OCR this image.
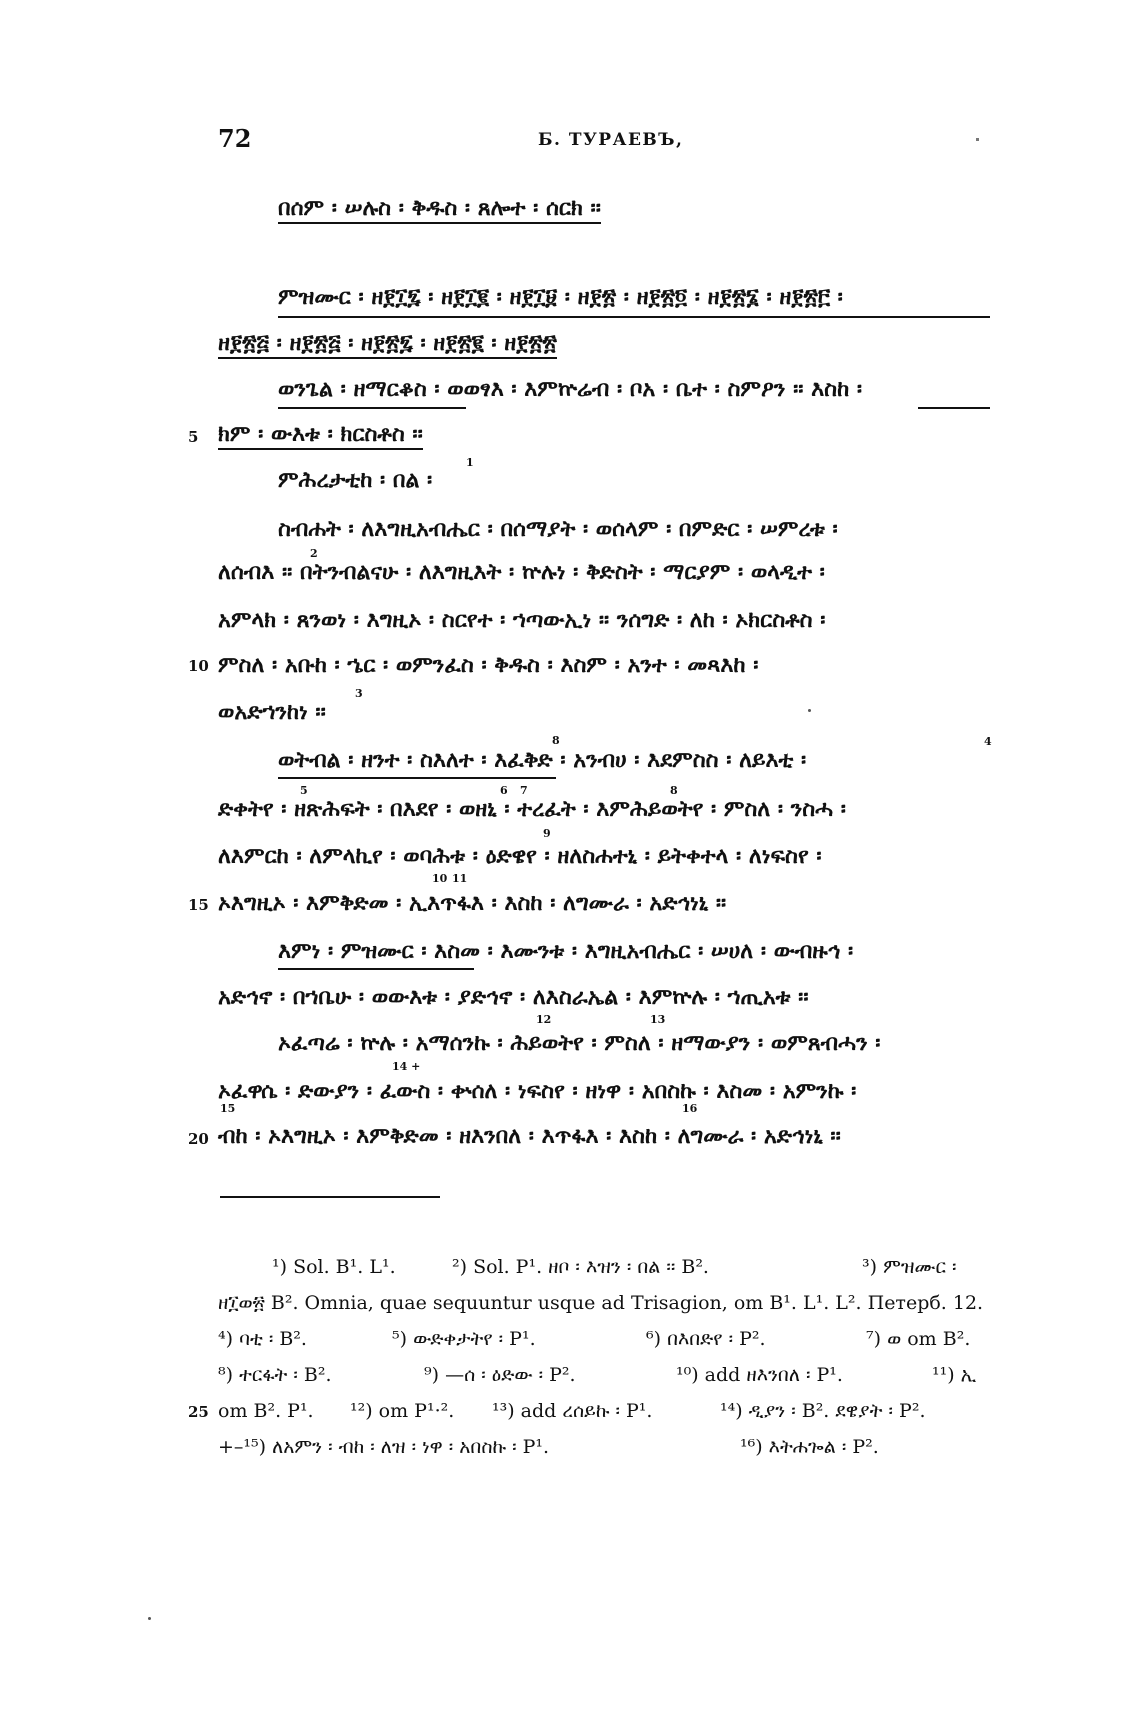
72	Б. ТУРАЕВЪ,
በሰም ፡ ሠሉስ ፡ ቅዱስ ፡ ጸሎተ ፡ ሰርክ ፡፡
ምዝሙር ፡ ዘ፻፲፯ ፡ ዘ፻፲፪ ፡ ዘ፻፲፱ ፡ ዘ፻፳ ፡ ዘ፻፳፬ ፡ ዘ፻፳፮ ፡ ዘ፻፳፫ ፡
ዘ፻፳፭ ፡ ዘ፻፳፭ ፡ ዘ፻፳፯ ፡ ዘ፻፳፪ ፡ ዘ፻፳፳
ወንጌል ፡ ዘማርቆስ ፡ ወወፃእ ፡ እምኵሬብ ፡ ቦአ ፡ ቤተ ፡ ስምዖን ፡፡ እስከ ፡
5 ክም ፡ ውእቱ ፡ ክርስቶስ ፡፡
ምሕረታቲከ ፡ በል ፡
1
ስብሐት ፡ ለእግዚአብሔር ፡ በሰማያት ፡ ወሰላም ፡ በምድር ፡ ሠምረቱ ፡
ለሰብእ ፡፡ በትንብልናሁ ፡ ለእግዚእት ፡ ኵሉነ ፡ ቅድስት ፡ ማርያም ፡ ወላዲተ ፡
2
አምላክ ፡ ጸንወነ ፡ እግዚኦ ፡ ስርየተ ፡ ኀጣውኢነ ፡፡ ንሰግድ ፡ ለከ ፡ ኦክርስቶስ ፡
10 ምስለ ፡ አቡከ ፡ ኄር ፡ ወምንፈስ ፡ ቅዱስ ፡ እስም ፡ አንተ ፡ መጻእከ ፡
ወአድኀንከነ ፡፡
3
ወትብል ፡ ዘንተ ፡ ስእለተ ፡ እፈቅድ ፡ አንብሀ ፡ እደምስስ ፡ ለይእቲ ፡
8	4
5	6 7
ድቀትየ ፡ ዘጽሕፍት ፡ በእደየ ፡ ወዘኒ ፡ ተረፈት ፡ እምሕይወትየ ፡ ምስለ ፡ ንስሓ ፡
8
ለእምርከ ፡ ለምላኪየ ፡ ወባሕቱ ፡ ዕድዌየ ፡ ዘለስሐተኒ ፡ ይትቀተላ ፡ ለነፍስየ ፡
9
10 11
15 ኦእግዚኦ ፡ እምቅድመ ፡ ኢእጥፋእ ፡ እስከ ፡ ለግሙራ ፡ አድኅነኒ ፡፡
እምነ ፡ ምዝሙር ፡ እስመ ፡ እሙንቱ ፡ እግዚአብሔር ፡ ሠሀለ ፡ ውብዙኅ ፡
አድኅኖ ፡ በኀቤሁ ፡ ወውእቱ ፡ ያድኅኖ ፡ ለእስራኤል ፡ እምኵሉ ፡ ኀጢአቱ ፡፡
12	13
ኦፈጣሬ ፡ ኵሉ ፡ አማሰንኩ ፡ ሕይወትየ ፡ ምስለ ፡ ዘማውያን ፡ ወምጸብሓን ፡
14 +
ኦፈዋሴ ፡ ድውያን ፡ ፈውስ ፡ ቍሰለ ፡ ነፍስየ ፡ ዘነዋ ፡ አበስኩ ፡ እስመ ፡ አምንኩ ፡
15	16
20 ብከ ፡ ኦእግዚኦ ፡ እምቅድመ ፡ ዘእንበለ ፡ እጥፋእ ፡ እስከ ፡ ለግሙራ ፡ አድኅነኒ ፡፡
¹) Sol. B¹. L¹.	²) Sol. P¹. ዘቦ ፡ እዝን ፡ በል ፡፡ B².	³) ምዝሙር ፡
ዘ፲ወ፳ B². Omnia, quae sequuntur usque ad Trisagion, om B¹. L¹. L². Петерб. 12.
⁴) ባቲ ፡ B².	⁵) ውድቀታትየ ፡ P¹.	⁶) በእበድየ ፡ P².	⁷) ወ om B².
⁸) ተርፋት ፡ B².	⁹) —ሰ ፡ ዕድው ፡ P².	¹⁰) add ዘእንበለ ፡ P¹.	¹¹) ኢ
25 om B². P¹. ¹²) om P¹·². ¹³) add ረሰይኩ ፡ P¹.	¹⁴) ዲያን ፡ B². ደዌያት ፡ P².
+–¹⁵) ለአምን ፡ ብከ ፡ ለዝ ፡ ነዋ ፡ አበስኩ ፡ P¹.	¹⁶) እትሐጐል ፡ P².
